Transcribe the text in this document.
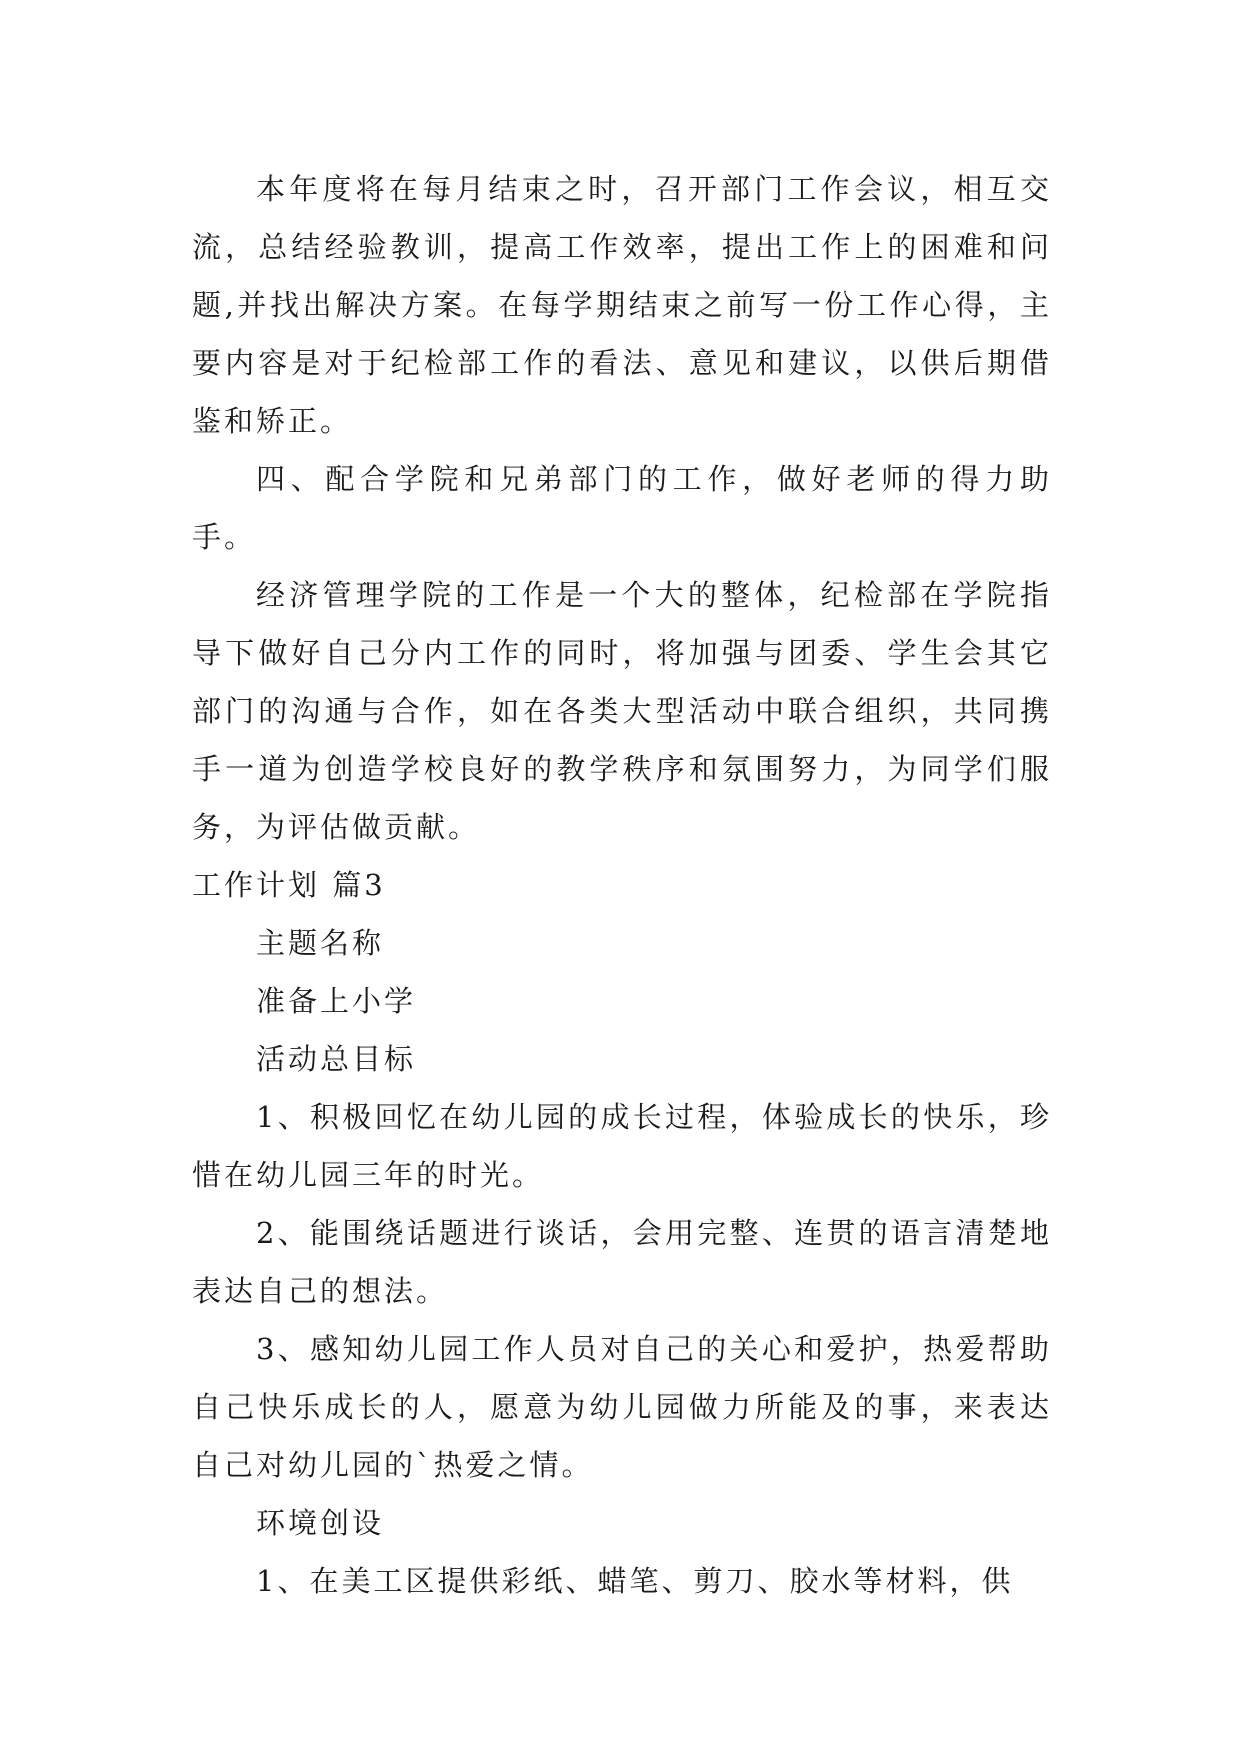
本年度将在每月结束之时，召开部门工作会议，相互交流，总结经验教训，提高工作效率，提出工作上的困难和问题,并找出解决方案。在每学期结束之前写一份工作心得，主要内容是对于纪检部工作的看法、意见和建议，以供后期借鉴和矫正。

四、配合学院和兄弟部门的工作，做好老师的得力助手。

经济管理学院的工作是一个大的整体，纪检部在学院指导下做好自己分内工作的同时，将加强与团委、学生会其它部门的沟通与合作，如在各类大型活动中联合组织，共同携手一道为创造学校良好的教学秩序和氛围努力，为同学们服务，为评估做贡献。

工作计划 篇3

主题名称

准备上小学

活动总目标

1、积极回忆在幼儿园的成长过程，体验成长的快乐，珍惜在幼儿园三年的时光。

2、能围绕话题进行谈话，会用完整、连贯的语言清楚地表达自己的想法。

3、感知幼儿园工作人员对自己的关心和爱护，热爱帮助自己快乐成长的人，愿意为幼儿园做力所能及的事，来表达自己对幼儿园的`热爱之情。

环境创设

1、在美工区提供彩纸、蜡笔、剪刀、胶水等材料，供
